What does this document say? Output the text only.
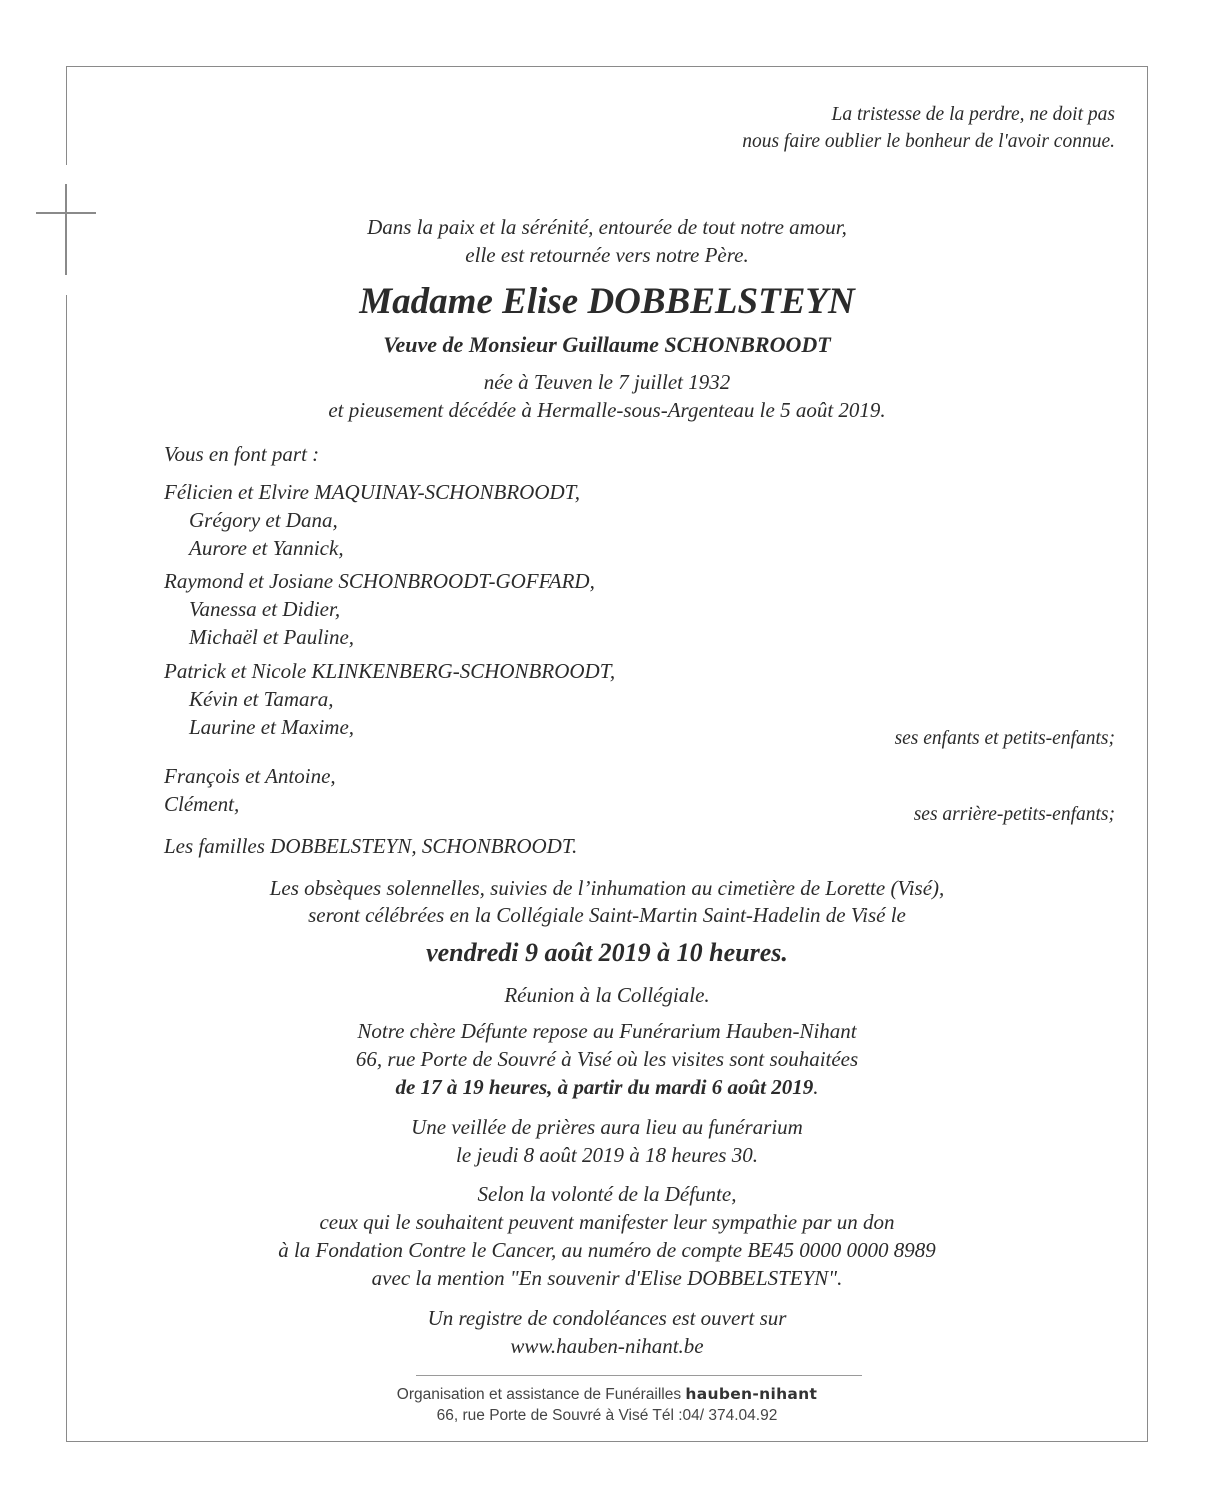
La tristesse de la perdre, ne doit pas
nous faire oublier le bonheur de l'avoir connue.
Dans la paix et la sérénité, entourée de tout notre amour,
elle est retournée vers notre Père.
Madame Elise DOBBELSTEYN
Veuve de Monsieur Guillaume SCHONBROODT
née à Teuven le 7 juillet 1932
et pieusement décédée à Hermalle-sous-Argenteau le 5 août 2019.
Vous en font part :
Félicien et Elvire MAQUINAY-SCHONBROODT,
Grégory et Dana,
Aurore et Yannick,
Raymond et Josiane SCHONBROODT-GOFFARD,
Vanessa et Didier,
Michaël et Pauline,
Patrick et Nicole KLINKENBERG-SCHONBROODT,
Kévin et Tamara,
Laurine et Maxime,	ses enfants et petits-enfants;
François et Antoine,
Clément,	ses arrière-petits-enfants;
Les familles DOBBELSTEYN, SCHONBROODT.
Les obsèques solennelles, suivies de l’inhumation au cimetière de Lorette (Visé),
seront célébrées en la Collégiale Saint-Martin Saint-Hadelin de Visé le
vendredi 9 août 2019 à 10 heures.
Réunion à la Collégiale.
Notre chère Défunte repose au Funérarium Hauben-Nihant
66, rue Porte de Souvré à Visé où les visites sont souhaitées
de 17 à 19 heures, à partir du mardi 6 août 2019.
Une veillée de prières aura lieu au funérarium
le jeudi 8 août 2019 à 18 heures 30.
Selon la volonté de la Défunte,
ceux qui le souhaitent peuvent manifester leur sympathie par un don
à la Fondation Contre le Cancer, au numéro de compte BE45 0000 0000 8989
avec la mention "En souvenir d'Elise DOBBELSTEYN".
Un registre de condoléances est ouvert sur
www.hauben-nihant.be
Organisation et assistance de Funérailles hauben-nihant
66, rue Porte de Souvré à Visé Tél :04/ 374.04.92
